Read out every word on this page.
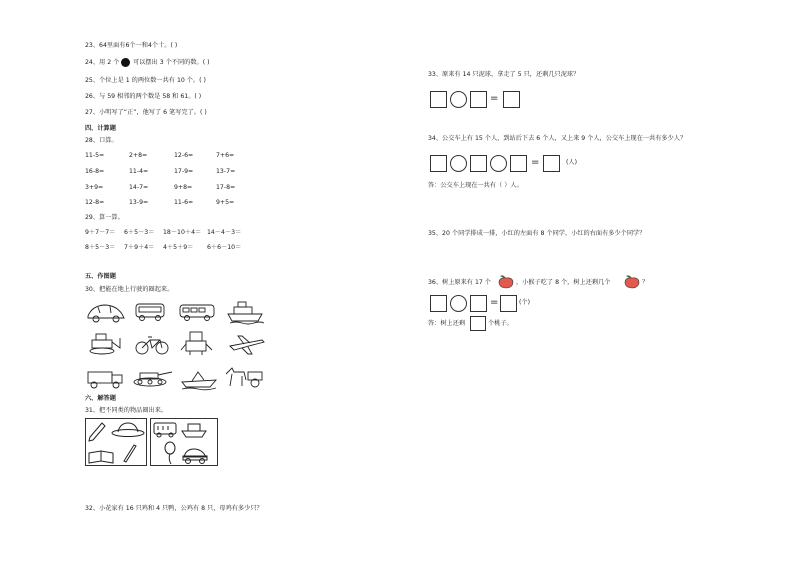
23、64里面有6个一和4个十。( )
24、用 2 个 可以摆出 3 个不同的数。( )
25、个位上是 1 的两位数一共有 10 个。( )
26、与 59 相邻的两个数是 58 和 61。( )
27、小明写了“正”，他写了 6 笔写完了。( )
四、计算题
28、口算。
11-5=	2+8=	12-6=	7+6=
16-8=	11-4=	17-9=	13-7=
3+9=	14-7=	9+8=	17-8=
12-8=	13-9=	11-6=	9+5=
29、算一算。
9＋7－7＝ 6＋5－3＝ 18－10＋4＝ 14－4－3＝
8＋5－3＝ 7＋9＋4＝ 4＋5＋9＝ 6＋6－10＝
五、作图题
30、把能在地上行驶的圈起来。
六、解答题
31、把不同类的物品圈出来。
32、小花家有 16 只鸡和 4 只鸭，公鸡有 8 只，母鸡有多少只？
33、原来有 14 只泥球，拿走了 5 只，还剩几只泥球？
=
34、公交车上有 15 个人，到站后下去 6 个人，又上来 9 个人，公交车上现在一共有多少人？
=	(人)
答：公交车上现在一共有（ ）人。
35、20 个同学排成一排，小红的左面有 8 个同学，小红的右面有多少个同学？
36、树上原来有 17 个	，小猴子吃了 8 个，树上还剩几个	？
=	(个)
答：树上还剩	个桃子。
